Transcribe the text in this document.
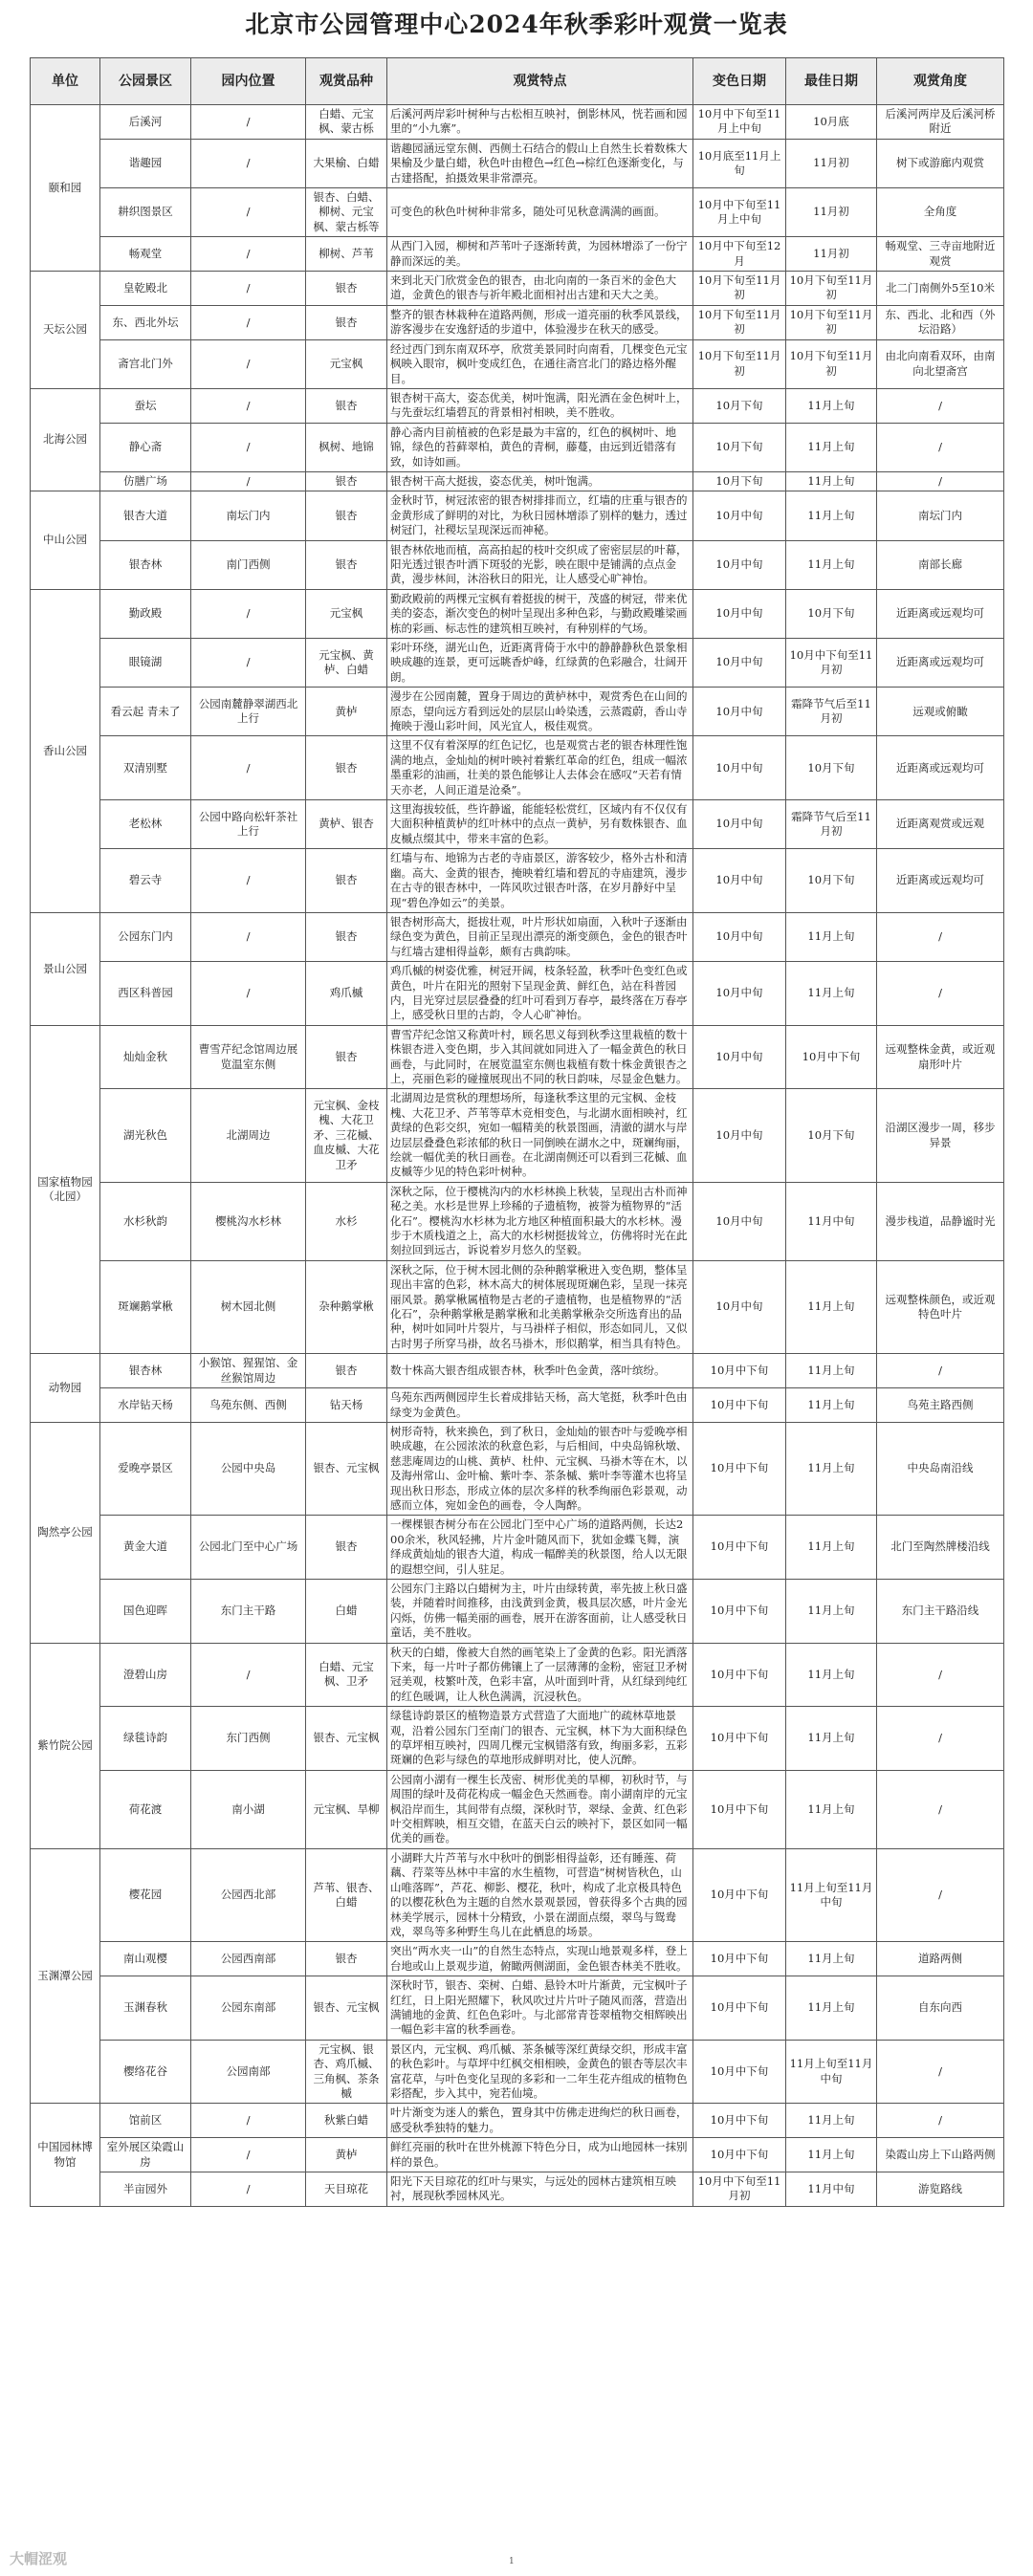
北京市公园管理中心2024年秋季彩叶观赏一览表
单位	公园景区	园内位置	观赏品种	观赏特点	变色日期	最佳日期	观赏角度
颐和园	后溪河	/	白蜡、元宝枫、蒙古栎	后溪河两岸彩叶树种与古松相互映衬，倒影林风，恍若画和园里的“小九寨”。	10月中下旬至11月上中旬	10月底	后溪河两岸及后溪河桥附近
	谐趣园	/	大果榆、白蜡	谐趣园涵远堂东侧、西侧土石结合的假山上自然生长着数株大果榆及少量白蜡，秋色叶由橙色→红色→棕红色逐渐变化，与古建搭配，拍摄效果非常漂亮。	10月底至11月上旬	11月初	树下或游廊内观赏
	耕织图景区	/	银杏、白蜡、柳树、元宝枫、蒙古栎等	可变色的秋色叶树种非常多，随处可见秋意满满的画面。	10月中下旬至11月上中旬	11月初	全角度
	畅观堂	/	柳树、芦苇	从西门入园，柳树和芦苇叶子逐渐转黄，为园林增添了一份宁静而深远的美。	10月中下旬至12月	11月初	畅观堂、三寺亩地附近观赏
天坛公园	皇乾殿北	/	银杏	来到北天门欣赏金色的银杏，由北向南的一条百米的金色大道，金黄色的银杏与祈年殿北面相衬出古建和天大之美。	10月下旬至11月初	10月下旬至11月初	北二门南侧外5至10米
	东、西北外坛	/	银杏	整齐的银杏林栽种在道路两侧，形成一道亮丽的秋季风景线，游客漫步在安逸舒适的步道中，体验漫步在秋天的感受。	10月下旬至11月初	10月下旬至11月初	东、西北、北和西（外坛沿路）
	斋宫北门外	/	元宝枫	经过西门到东南双环亭，欣赏美景同时向南看，几棵变色元宝枫映入眼帘，枫叶变成红色，在通往斋宫北门的路边格外醒目。	10月下旬至11月初	10月下旬至11月初	由北向南看双环，由南向北望斋宫
北海公园	蚕坛	/	银杏	银杏树干高大，姿态优美，树叶饱满，阳光洒在金色树叶上，与先蚕坛红墙碧瓦的背景相衬相映，美不胜收。	10月下旬	11月上旬	/
	静心斋	/	枫树、地锦	静心斋内目前植被的色彩是最为丰富的，红色的枫树叶、地锦，绿色的苔藓翠柏，黄色的青桐，藤蔓，由远到近错落有致，如诗如画。	10月下旬	11月上旬	/
	仿膳广场	/	银杏	银杏树干高大挺拔，姿态优美，树叶饱满。	10月下旬	11月上旬	/
中山公园	银杏大道	南坛门内	银杏	金秋时节，树冠浓密的银杏树排排而立，红墙的庄重与银杏的金黄形成了鲜明的对比，为秋日园林增添了别样的魅力，透过树冠门，社稷坛呈现深远而神秘。	10月中旬	11月上旬	南坛门内
	银杏林	南门西侧	银杏	银杏林依地而植，高高拍起的枝叶交织成了密密层层的叶幕，阳光透过银杏叶洒下斑驳的光影，映在眼中是铺满的点点金黄，漫步林间，沐浴秋日的阳光，让人感受心旷神怡。	10月中旬	11月上旬	南部长廊
香山公园	勤政殿	/	元宝枫	勤政殿前的两棵元宝枫有着挺拔的树干，茂盛的树冠，带来优美的姿态，渐次变色的树叶呈现出多种色彩，与勤政殿雕梁画栋的彩画、标志性的建筑相互映衬，有种别样的气场。	10月中旬	10月下旬	近距离或远观均可
	眼镜湖	/	元宝枫、黄栌、白蜡	彩叶环绕，湖光山色，近距离背倚于水中的静静静秋色景象相映成趣的连景，更可远眺香炉峰，红绿黄的色彩融合，壮阔开朗。	10月中旬	10月中下旬至11月初	近距离或远观均可
	看云起 青未了	公园南麓静翠湖西北上行	黄栌	漫步在公园南麓，置身于周边的黄栌林中，观赏秀色在山间的原态，望向远方看到远处的层层山岭染透，云蒸霞蔚，香山寺掩映于漫山彩叶间，风光宜人，极佳观赏。	10月中旬	霜降节气后至11月初	远观或俯瞰
	双清别墅	/	银杏	这里不仅有着深厚的红色记忆，也是观赏古老的银杏林理性饱满的地点，金灿灿的树叶映衬着紫红革命的红色，组成一幅浓墨重彩的油画，壮美的景色能够让人去体会在感叹“天若有情天亦老，人间正道是沧桑”。	10月中旬	10月下旬	近距离或远观均可
	老松林	公园中路向松轩茶社上行	黄栌、银杏	这里海拔较低，些许静谧，能能轻松赏红，区域内有不仅仅有大面积种植黄栌的红叶林中的点点一黄栌，另有数株银杏、血皮槭点缀其中，带来丰富的色彩。	10月中旬	霜降节气后至11月初	近距离观赏或远观
	碧云寺	/	银杏	红墙与布、地锦为古老的寺庙景区，游客较少，格外古朴和清幽。高大、金黄的银杏，掩映着红墙和碧瓦的寺庙建筑，漫步在古寺的银杏林中，一阵风吹过银杏叶落，在岁月静好中呈现“碧色净如云”的美景。	10月中旬	10月下旬	近距离或远观均可
景山公园	公园东门内	/	银杏	银杏树形高大，挺拔壮观，叶片形状如扇面，入秋叶子逐渐由绿色变为黄色，目前正呈现出漂亮的渐变颜色，金色的银杏叶与红墙古建相得益彰，颇有古典韵味。	10月中旬	11月上旬	/
	西区科普园	/	鸡爪槭	鸡爪槭的树姿优雅，树冠开阔，枝条轻盈，秋季叶色变红色或黄色，叶片在阳光的照射下呈现金黄、鲜红色，站在科普园内，目光穿过层层叠叠的红叶可看到万春亭，最终落在万春亭上，感受秋日里的古韵，令人心旷神怡。	10月中旬	11月上旬	/
国家植物园（北园）	灿灿金秋	曹雪芹纪念馆周边展览温室东侧	银杏	曹雪芹纪念馆又称黄叶村，顾名思义每到秋季这里栽植的数十株银杏进入变色期，步入其间就如同进入了一幅金黄色的秋日画卷，与此同时，在展览温室东侧也栽植有数十株金黄银杏之上，亮丽色彩的碰撞展现出不同的秋日韵味，尽显金色魅力。	10月中旬	10月中下旬	远观整株金黄，或近观扇形叶片
	湖光秋色	北湖周边	元宝枫、金枝槐、大花卫矛、三花槭、血皮槭、大花卫矛	北湖周边是赏秋的理想场所，每逢秋季这里的元宝枫、金枝槐、大花卫矛、芦苇等草木竞相变色，与北湖水面相映衬，红黄绿的色彩交织，宛如一幅精美的秋景图画，清澈的湖水与岸边层层叠叠色彩浓郁的秋日一同倒映在湖水之中，斑斓绚丽，绘就一幅优美的秋日画卷。在北湖南侧还可以看到三花槭、血皮槭等少见的特色彩叶树种。	10月中旬	10月下旬	沿湖区漫步一周，移步异景
	水杉秋韵	樱桃沟水杉林	水杉	深秋之际，位于樱桃沟内的水杉林换上秋装，呈现出古朴而神秘之美。水杉是世界上珍稀的子遗植物，被誉为植物界的“活化石”。樱桃沟水杉林为北方地区种植面积最大的水杉林。漫步于木质栈道之上，高大的水杉树挺拔耸立，仿佛将时光在此刻拉回到远古，诉说着岁月悠久的坚毅。	10月中旬	11月中旬	漫步栈道，品静谧时光
	斑斓鹅掌楸	树木园北侧	杂种鹅掌楸	深秋之际，位于树木园北侧的杂种鹅掌楸进入变色期，整体呈现出丰富的色彩，林木高大的树体展现斑斓色彩，呈现一抹亮丽风景。鹅掌楸属植物是古老的孑遗植物，也是植物界的“活化石”，杂种鹅掌楸是鹅掌楸和北美鹅掌楸杂交所选育出的品种，树叶如同叶片裂片，与马褂样子相似，形态如同儿，又似古时男子所穿马褂，故名马褂木，形似鹅掌，相当具有特色。	10月中旬	11月上旬	远观整株颜色，或近观特色叶片
动物园	银杏林	小猴馆、猩猩馆、金丝猴馆周边	银杏	数十株高大银杏组成银杏林，秋季叶色金黄，落叶缤纷。	10月中下旬	11月上旬	/
	水岸钻天杨	鸟苑东侧、西侧	钻天杨	鸟苑东西两侧园岸生长着成排钻天杨，高大笔挺，秋季叶色由绿变为金黄色。	10月中下旬	11月上旬	鸟苑主路西侧
陶然亭公园	爱晚亭景区	公园中央岛	银杏、元宝枫	树形奇特，秋来换色，到了秋日，金灿灿的银杏叶与爱晚亭相映成趣，在公园浓浓的秋意色彩，与后相间，中央岛锦秋墩、慈悲庵周边的山桃、黄栌、杜仲、元宝枫、马褂木等在木，以及海州常山、金叶榆、紫叶李、茶条槭、紫叶李等灌木也将呈现出秋日形态，形成立体的层次多样的秋季绚丽色彩景观，动感而立体，宛如金色的画卷，令人陶醉。	10月中下旬	11月上旬	中央岛南沿线
	黄金大道	公园北门至中心广场	银杏	一棵棵银杏树分布在公园北门至中心广场的道路两侧，长达200余米，秋风轻拂，片片金叶随风而下，犹如金蝶飞舞，演绎成黄灿灿的银杏大道，构成一幅醉美的秋景图，给人以无限的遐想空间，引人驻足。	10月中下旬	11月上旬	北门至陶然牌楼沿线
	国色迎晖	东门主干路	白蜡	公园东门主路以白蜡树为主，叶片由绿转黄，率先披上秋日盛装，并随着时间推移，由浅黄到金黄，极具层次感，叶片金光闪烁，仿佛一幅美丽的画卷，展开在游客面前，让人感受秋日童话，美不胜收。	10月中下旬	11月上旬	东门主干路沿线
紫竹院公园	澄碧山房	/	白蜡、元宝枫、卫矛	秋天的白蜡，像被大自然的画笔染上了金黄的色彩。阳光洒落下来，每一片叶子都仿佛镶上了一层薄薄的金粉，密冠卫矛树冠美观，枝繁叶茂，色彩丰富，从叶面到叶背，从红绿到纯红的红色暖调，让人秋色满满，沉浸秋色。	10月中下旬	11月上旬	/
	绿毯诗韵	东门西侧	银杏、元宝枫	绿毯诗韵景区的植物造景方式营造了大面地广的疏林草地景观，沿着公园东门至南门的银杏、元宝枫，林下为大面积绿色的草坪相互映衬，四周几棵元宝枫错落有致，绚丽多彩，五彩斑斓的色彩与绿色的草地形成鲜明对比，使人沉醉。	10月中下旬	11月上旬	/
	荷花渡	南小湖	元宝枫、旱柳	公园南小湖有一棵生长茂密、树形优美的旱柳，初秋时节，与周围的绿叶及荷花构成一幅金色天然画卷。南小湖南岸的元宝枫沿岸而生，其间带有点缀，深秋时节，翠绿、金黄、红色彩叶交相辉映，相互交错，在蓝天白云的映衬下，景区如同一幅优美的画卷。	10月中下旬	11月上旬	/
玉渊潭公园	樱花园	公园西北部	芦苇、银杏、白蜡	小湖畔大片芦苇与水中秋叶的倒影相得益彰，还有睡莲、荷藕、荇菜等丛林中丰富的水生植物，可营造“树树皆秋色，山山唯落晖”，芦花、柳影、樱花，秋叶，构成了北京极具特色的以樱花秋色为主题的自然水景观景园，曾获得多个古典的园林美学展示，园林十分精致，小景在湖面点缀，翠鸟与鸳鸯戏，翠鸟等多种野生鸟儿在此栖息的场景。	10月中下旬	11月上旬至11月中旬	/
	南山观樱	公园西南部	银杏	突出“两水夹一山”的自然生态特点，实现山地景观多样，登上台地或山上景观步道，俯瞰两侧湖面，金色银杏林美不胜收。	10月中下旬	11月上旬	道路两侧
	玉渊春秋	公园东南部	银杏、元宝枫	深秋时节，银杏、栾树、白蜡、悬铃木叶片渐黄，元宝枫叶子红红，日上阳光照耀下，秋风吹过片片叶子随风而落，营造出满铺地的金黄、红色色彩叶。与北部常青苍翠植物交相辉映出一幅色彩丰富的秋季画卷。	10月中下旬	11月上旬	自东向西
	樱络花谷	公园南部	元宝枫、银杏、鸡爪槭、三角枫、茶条槭	景区内，元宝枫、鸡爪槭、茶条槭等深红黄绿交织，形成丰富的秋色彩叶。与草坪中红枫交相相映，金黄色的银杏等层次丰富花草，与叶色变化呈现的多彩和一二年生花卉组成的植物色彩搭配，步入其中，宛若仙境。	10月中下旬	11月上旬至11月中旬	/
中国园林博物馆	馆前区	/	秋紫白蜡	叶片渐变为迷人的紫色，置身其中仿佛走进绚烂的秋日画卷，感受秋季独特的魅力。	10月中下旬	11月上旬	/
	室外展区染霞山房	/	黄栌	鲜红亮丽的秋叶在世外桃源下特色分日，成为山地园林一抹别样的景色。	10月中下旬	11月上旬	染霞山房上下山路两侧
	半亩园外	/	天目琼花	阳光下天目琼花的红叶与果实，与远处的园林古建筑相互映衬，展现秋季园林风光。	10月中下旬至11月初	11月中旬	游览路线
1
大帽涩观
